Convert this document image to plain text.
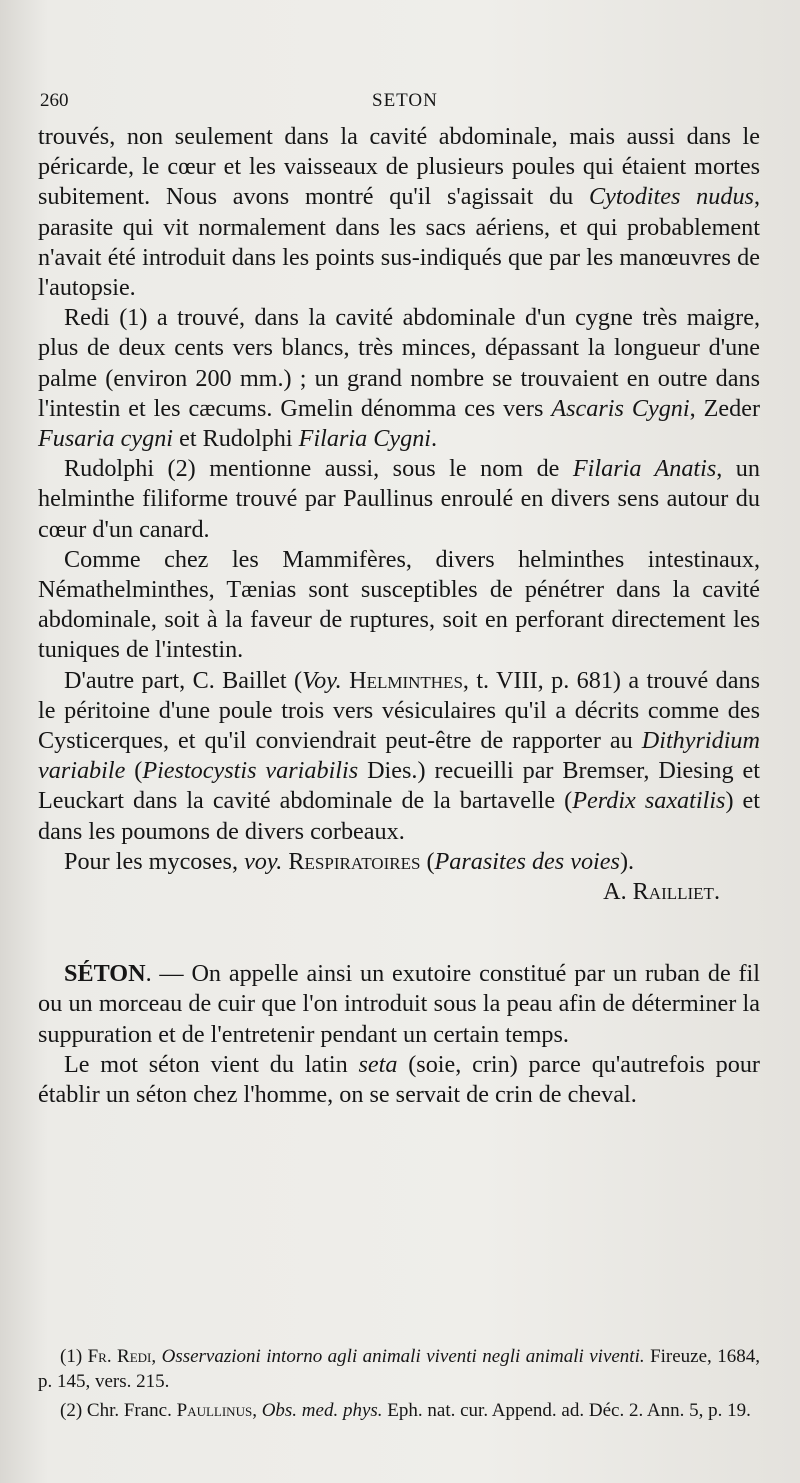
260	SETON

trouvés, non seulement dans la cavité abdominale, mais aussi dans le péricarde, le cœur et les vaisseaux de plusieurs poules qui étaient mortes subitement. Nous avons montré qu'il s'agissait du Cytodites nudus, parasite qui vit normalement dans les sacs aériens, et qui probablement n'avait été introduit dans les points sus-indiqués que par les manœuvres de l'autopsie.

Redi (1) a trouvé, dans la cavité abdominale d'un cygne très maigre, plus de deux cents vers blancs, très minces, dépassant la longueur d'une palme (environ 200 mm.) ; un grand nombre se trouvaient en outre dans l'intestin et les cæcums. Gmelin dénomma ces vers Ascaris Cygni, Zeder Fusaria cygni et Rudolphi Filaria Cygni.

Rudolphi (2) mentionne aussi, sous le nom de Filaria Anatis, un helminthe filiforme trouvé par Paullinus enroulé en divers sens autour du cœur d'un canard.

Comme chez les Mammifères, divers helminthes intestinaux, Némathelminthes, Tænias sont susceptibles de pénétrer dans la cavité abdominale, soit à la faveur de ruptures, soit en perforant directement les tuniques de l'intestin.

D'autre part, C. Baillet (Voy. Helminthes, t. VIII, p. 681) a trouvé dans le péritoine d'une poule trois vers vésiculaires qu'il a décrits comme des Cysticerques, et qu'il conviendrait peut-être de rapporter au Dithyridium variabile (Piestocystis variabilis Dies.) recueilli par Bremser, Diesing et Leuckart dans la cavité abdominale de la bartavelle (Perdix saxatilis) et dans les poumons de divers corbeaux.

Pour les mycoses, voy. Respiratoires (Parasites des voies).

A. Railliet.

SÉTON. — On appelle ainsi un exutoire constitué par un ruban de fil ou un morceau de cuir que l'on introduit sous la peau afin de déterminer la suppuration et de l'entretenir pendant un certain temps.

Le mot séton vient du latin seta (soie, crin) parce qu'autrefois pour établir un séton chez l'homme, on se servait de crin de cheval.

(1) Fr. Redi, Osservazioni intorno agli animali viventi negli animali viventi. Fireuze, 1684, p. 145, vers. 215.

(2) Chr. Franc. Paullinus, Obs. med. phys. Eph. nat. cur. Append. ad. Déc. 2. Ann. 5, p. 19.
